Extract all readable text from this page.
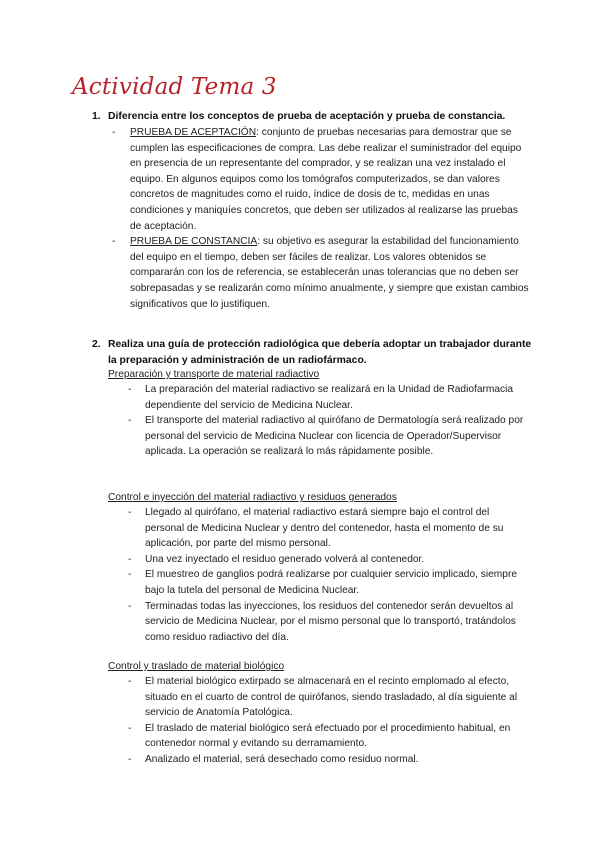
Actividad Tema 3
1. Diferencia entre los conceptos de prueba de aceptación y prueba de constancia.
- PRUEBA DE ACEPTACIÓN: conjunto de pruebas necesarias para demostrar que se cumplen las especificaciones de compra. Las debe realizar el suministrador del equipo en presencia de un representante del comprador, y se realizan una vez instalado el equipo. En algunos equipos como los tomógrafos computerizados, se dan valores concretos de magnitudes como el ruido, índice de dosis de tc, medidas en unas condiciones y maniquíes concretos, que deben ser utilizados al realizarse las pruebas de aceptación.
- PRUEBA DE CONSTANCIA: su objetivo es asegurar la estabilidad del funcionamiento del equipo en el tiempo, deben ser fáciles de realizar. Los valores obtenidos se compararán con los de referencia, se establecerán unas tolerancias que no deben ser sobrepasadas y se realizarán como mínimo anualmente, y siempre que existan cambios significativos que lo justifiquen.
2. Realiza una guía de protección radiológica que debería adoptar un trabajador durante la preparación y administración de un radiofármaco.
Preparación y transporte de material radiactivo
- La preparación del material radiactivo se realizará en la Unidad de Radiofarmacia dependiente del servicio de Medicina Nuclear.
- El transporte del material radiactivo al quirófano de Dermatología será realizado por personal del servicio de Medicina Nuclear con licencia de Operador/Supervisor aplicada. La operación se realizará lo más rápidamente posible.
Control e inyección del material radiactivo y residuos generados
- Llegado al quirófano, el material radiactivo estará siempre bajo el control del personal de Medicina Nuclear y dentro del contenedor, hasta el momento de su aplicación, por parte del mismo personal.
- Una vez inyectado el residuo generado volverá al contenedor.
- El muestreo de ganglios podrá realizarse por cualquier servicio implicado, siempre bajo la tutela del personal de Medicina Nuclear.
- Terminadas todas las inyecciones, los residuos del contenedor serán devueltos al servicio de Medicina Nuclear, por el mismo personal que lo transportó, tratándolos como residuo radiactivo del día.
Control y traslado de material biológico
- El material biológico extirpado se almacenará en el recinto emplomado al efecto, situado en el cuarto de control de quirófanos, siendo trasladado, al día siguiente al servicio de Anatomía Patológica.
- El traslado de material biológico será efectuado por el procedimiento habitual, en contenedor normal y evitando su derramamiento.
- Analizado el material, será desechado como residuo normal.
